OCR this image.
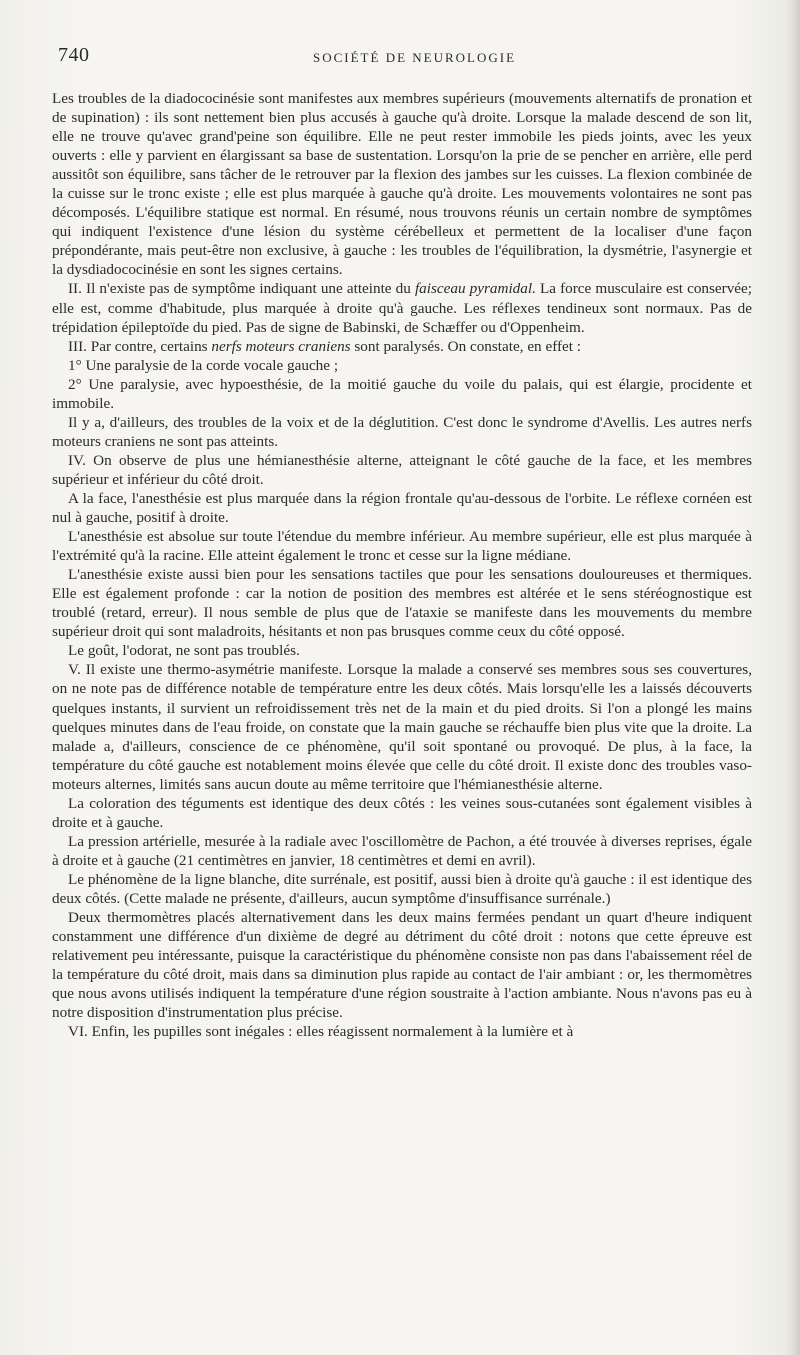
740	SOCIÉTÉ DE NEUROLOGIE

Les troubles de la diadococinésie sont manifestes aux membres supérieurs (mouvements alternatifs de pronation et de supination) : ils sont nettement bien plus accusés à gauche qu'à droite. Lorsque la malade descend de son lit, elle ne trouve qu'avec grand'peine son équilibre. Elle ne peut rester immobile les pieds joints, avec les yeux ouverts : elle y parvient en élargissant sa base de sustentation. Lorsqu'on la prie de se pencher en arrière, elle perd aussitôt son équilibre, sans tâcher de le retrouver par la flexion des jambes sur les cuisses. La flexion combinée de la cuisse sur le tronc existe ; elle est plus marquée à gauche qu'à droite. Les mouvements volontaires ne sont pas décomposés. L'équilibre statique est normal. En résumé, nous trouvons réunis un certain nombre de symptômes qui indiquent l'existence d'une lésion du système cérébelleux et permettent de la localiser d'une façon prépondérante, mais peut-être non exclusive, à gauche : les troubles de l'équilibration, la dysmétrie, l'asynergie et la dysdiadococinésie en sont les signes certains.

II. Il n'existe pas de symptôme indiquant une atteinte du faisceau pyramidal. La force musculaire est conservée; elle est, comme d'habitude, plus marquée à droite qu'à gauche. Les réflexes tendineux sont normaux. Pas de trépidation épileptoïde du pied. Pas de signe de Babinski, de Schæffer ou d'Oppenheim.

III. Par contre, certains nerfs moteurs craniens sont paralysés. On constate, en effet :

1° Une paralysie de la corde vocale gauche ;

2° Une paralysie, avec hypoesthésie, de la moitié gauche du voile du palais, qui est élargie, procidente et immobile.

Il y a, d'ailleurs, des troubles de la voix et de la déglutition. C'est donc le syndrome d'Avellis. Les autres nerfs moteurs craniens ne sont pas atteints.

IV. On observe de plus une hémianesthésie alterne, atteignant le côté gauche de la face, et les membres supérieur et inférieur du côté droit.

A la face, l'anesthésie est plus marquée dans la région frontale qu'au-dessous de l'orbite. Le réflexe cornéen est nul à gauche, positif à droite.

L'anesthésie est absolue sur toute l'étendue du membre inférieur. Au membre supérieur, elle est plus marquée à l'extrémité qu'à la racine. Elle atteint également le tronc et cesse sur la ligne médiane.

L'anesthésie existe aussi bien pour les sensations tactiles que pour les sensations douloureuses et thermiques. Elle est également profonde : car la notion de position des membres est altérée et le sens stéréognostique est troublé (retard, erreur). Il nous semble de plus que de l'ataxie se manifeste dans les mouvements du membre supérieur droit qui sont maladroits, hésitants et non pas brusques comme ceux du côté opposé.

Le goût, l'odorat, ne sont pas troublés.

V. Il existe une thermo-asymétrie manifeste. Lorsque la malade a conservé ses membres sous ses couvertures, on ne note pas de différence notable de température entre les deux côtés. Mais lorsqu'elle les a laissés découverts quelques instants, il survient un refroidissement très net de la main et du pied droits. Si l'on a plongé les mains quelques minutes dans de l'eau froide, on constate que la main gauche se réchauffe bien plus vite que la droite. La malade a, d'ailleurs, conscience de ce phénomène, qu'il soit spontané ou provoqué. De plus, à la face, la température du côté gauche est notablement moins élevée que celle du côté droit. Il existe donc des troubles vaso-moteurs alternes, limités sans aucun doute au même territoire que l'hémianesthésie alterne.

La coloration des téguments est identique des deux côtés : les veines sous-cutanées sont également visibles à droite et à gauche.

La pression artérielle, mesurée à la radiale avec l'oscillomètre de Pachon, a été trouvée à diverses reprises, égale à droite et à gauche (21 centimètres en janvier, 18 centimètres et demi en avril).

Le phénomène de la ligne blanche, dite surrénale, est positif, aussi bien à droite qu'à gauche : il est identique des deux côtés. (Cette malade ne présente, d'ailleurs, aucun symptôme d'insuffisance surrénale.)

Deux thermomètres placés alternativement dans les deux mains fermées pendant un quart d'heure indiquent constamment une différence d'un dixième de degré au détriment du côté droit : notons que cette épreuve est relativement peu intéressante, puisque la caractéristique du phénomène consiste non pas dans l'abaissement réel de la température du côté droit, mais dans sa diminution plus rapide au contact de l'air ambiant : or, les thermomètres que nous avons utilisés indiquent la température d'une région soustraite à l'action ambiante. Nous n'avons pas eu à notre disposition d'instrumentation plus précise.

VI. Enfin, les pupilles sont inégales : elles réagissent normalement à la lumière et à
